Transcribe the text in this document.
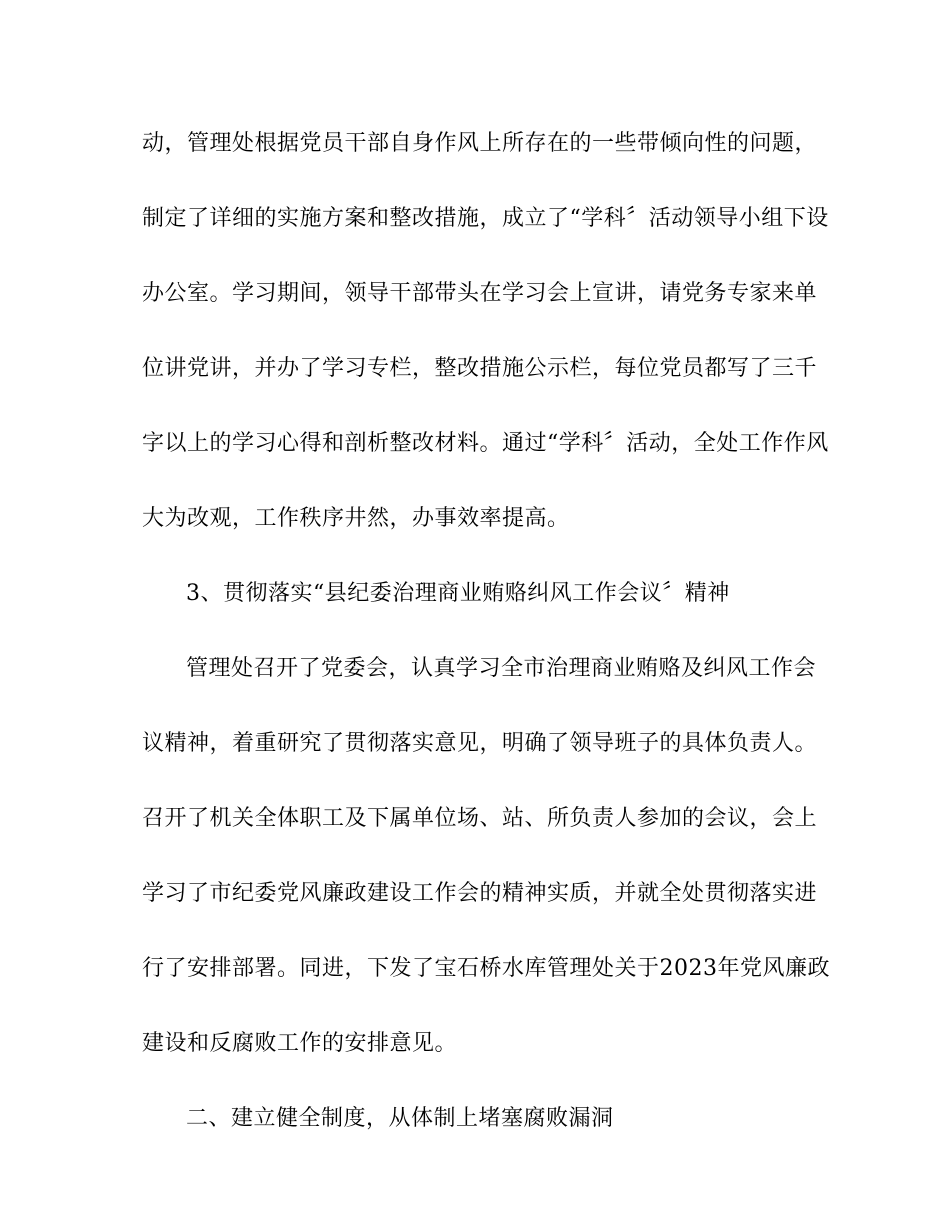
动，管理处根据党员干部自身作风上所存在的一些带倾向性的问题，
制定了详细的实施方案和整改措施，成立了“学科〞活动领导小组下设
办公室。学习期间，领导干部带头在学习会上宣讲，请党务专家来单
位讲党讲，并办了学习专栏，整改措施公示栏，每位党员都写了三千
字以上的学习心得和剖析整改材料。通过“学科〞活动，全处工作作风
大为改观，工作秩序井然，办事效率提高。
3、贯彻落实“县纪委治理商业贿赂纠风工作会议〞精神
管理处召开了党委会，认真学习全市治理商业贿赂及纠风工作会
议精神，着重研究了贯彻落实意见，明确了领导班子的具体负责人。
召开了机关全体职工及下属单位场、站、所负责人参加的会议，会上
学习了市纪委党风廉政建设工作会的精神实质，并就全处贯彻落实进
行了安排部署。同进，下发了宝石桥水库管理处关于2023年党风廉政
建设和反腐败工作的安排意见。
二、建立健全制度，从体制上堵塞腐败漏洞
